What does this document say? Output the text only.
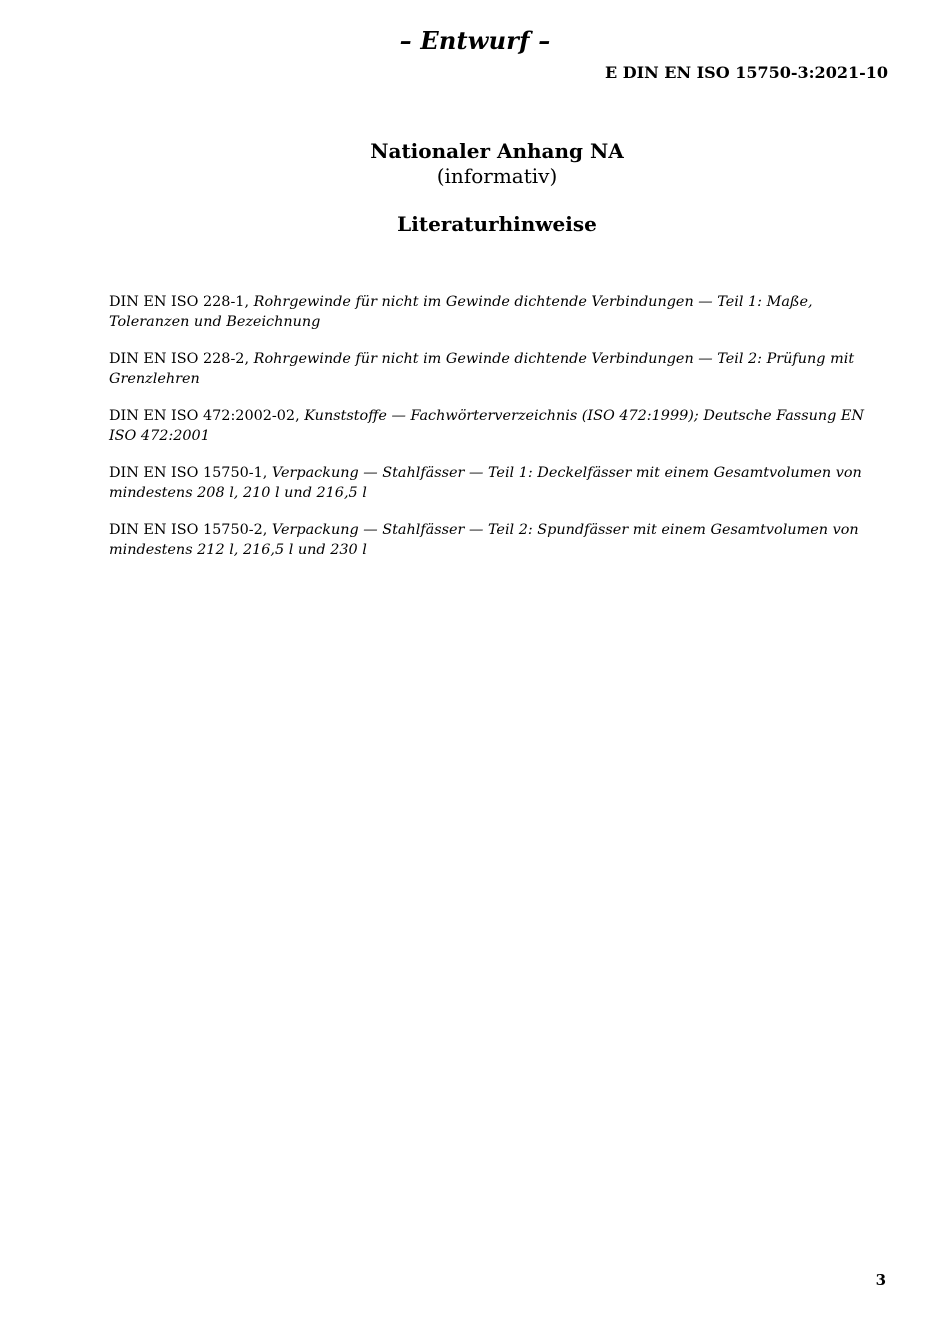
– Entwurf –
E DIN EN ISO 15750-3:2021-10
Nationaler Anhang NA
(informativ)
Literaturhinweise

DIN EN ISO 228-1, Rohrgewinde für nicht im Gewinde dichtende Verbindungen — Teil 1: Maße, Toleranzen und Bezeichnung

DIN EN ISO 228-2, Rohrgewinde für nicht im Gewinde dichtende Verbindungen — Teil 2: Prüfung mit Grenzlehren

DIN EN ISO 472:2002-02, Kunststoffe — Fachwörterverzeichnis (ISO 472:1999); Deutsche Fassung EN ISO 472:2001

DIN EN ISO 15750-1, Verpackung — Stahlfässer — Teil 1: Deckelfässer mit einem Gesamtvolumen von mindestens 208 l, 210 l und 216,5 l

DIN EN ISO 15750-2, Verpackung — Stahlfässer — Teil 2: Spundfässer mit einem Gesamtvolumen von mindestens 212 l, 216,5 l und 230 l

3
